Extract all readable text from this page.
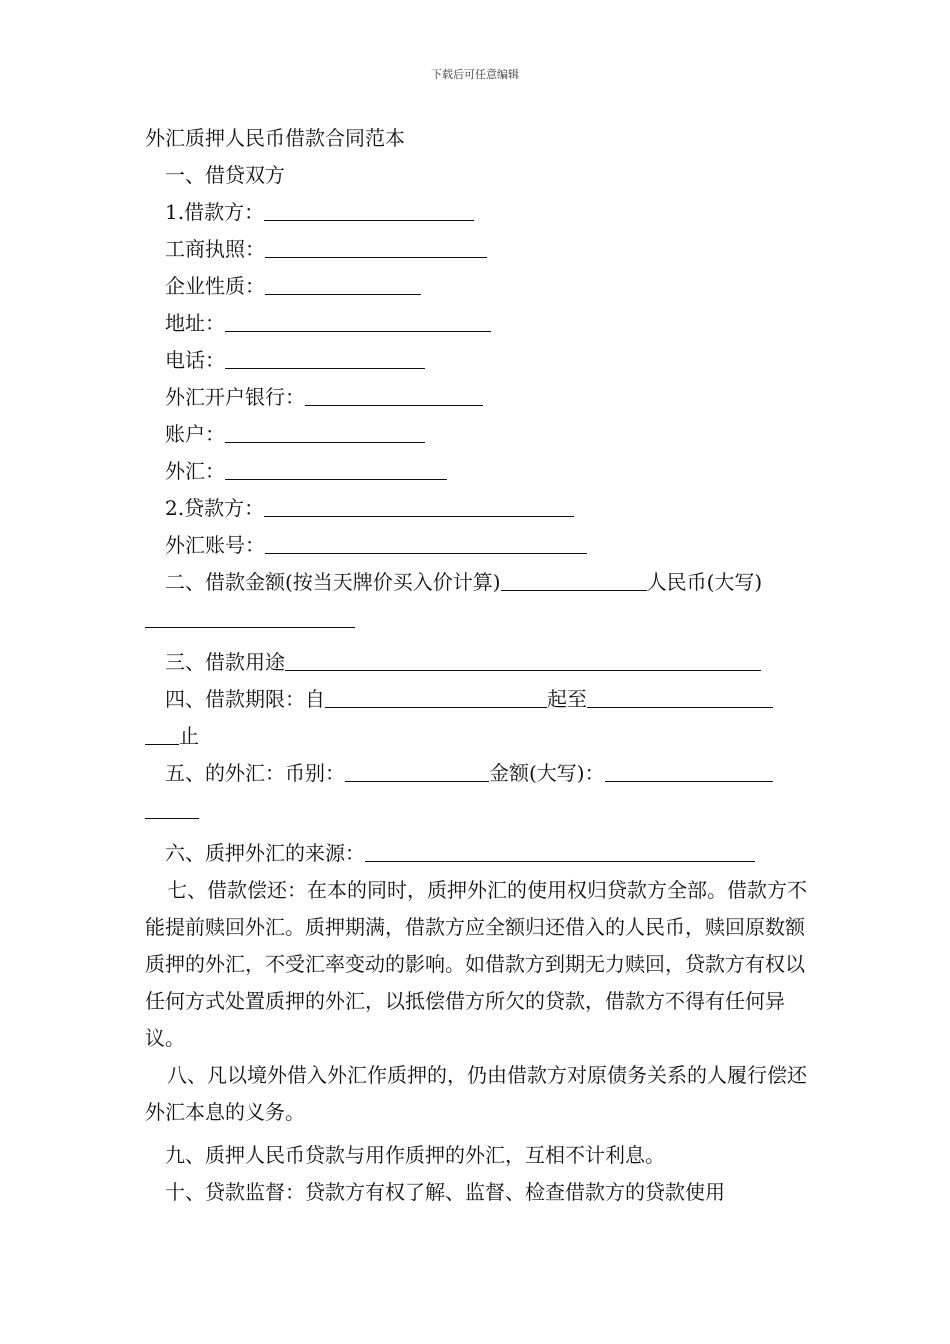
下载后可任意编辑

外汇质押人民币借款合同范本

一、借贷双方

1.借款方：

工商执照：

企业性质：

地址：

电话：

外汇开户银行：

账户：

外汇：

2.贷款方：

外汇账号：

二、借款金额(按当天牌价买入价计算)	人民币(大写)

三、借款用途

四、借款期限：自	起至

止

五、的外汇：币别：	金额(大写)：

六、质押外汇的来源：

七、借款偿还：在本的同时，质押外汇的使用权归贷款方全部。借款方不能提前赎回外汇。质押期满，借款方应全额归还借入的人民币，赎回原数额质押的外汇，不受汇率变动的影响。如借款方到期无力赎回，贷款方有权以任何方式处置质押的外汇，以抵偿借方所欠的贷款，借款方不得有任何异议。

八、凡以境外借入外汇作质押的，仍由借款方对原债务关系的人履行偿还外汇本息的义务。

九、质押人民币贷款与用作质押的外汇，互相不计利息。

十、贷款监督：贷款方有权了解、监督、检查借款方的贷款使用
